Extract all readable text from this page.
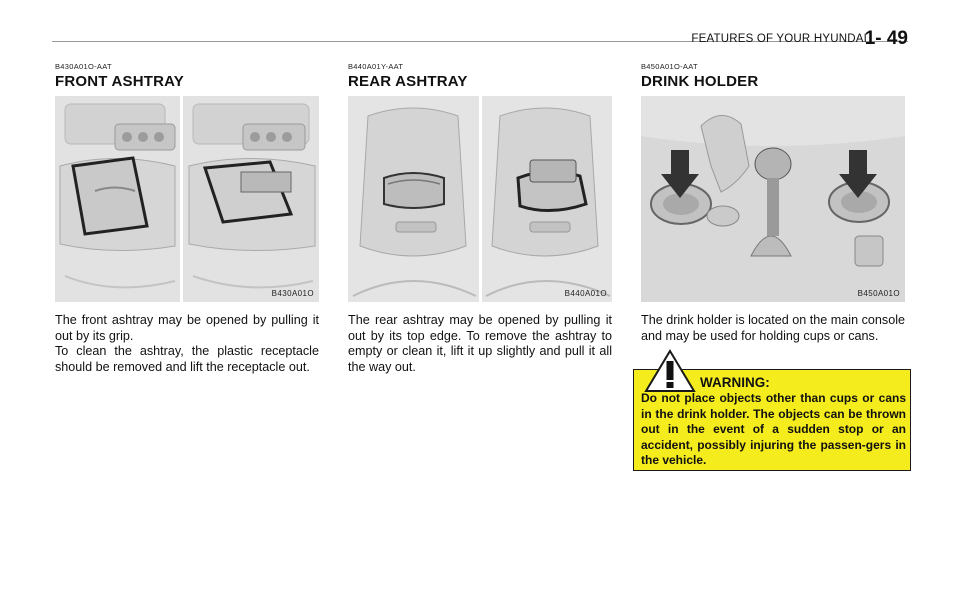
FEATURES OF YOUR HYUNDAI
1- 49
B430A01O-AAT
FRONT ASHTRAY
B430A01O

The front ashtray may be opened by pulling it out by its grip.

To clean the ashtray, the plastic receptacle should be removed and lift the receptacle out.

B440A01Y-AAT
REAR ASHTRAY
B440A01O

The rear ashtray may be opened by pulling it out by its top edge. To remove the ashtray to empty or clean it, lift it up slightly and pull it all the way out.

B450A01O-AAT
DRINK HOLDER
B450A01O

The drink holder is located on the main console and may be used for holding cups or cans.

WARNING:
Do not place objects other than cups or cans in the drink holder. The objects can be thrown out in the event of a sudden stop or an accident, possibly injuring the passen-gers in the vehicle.
